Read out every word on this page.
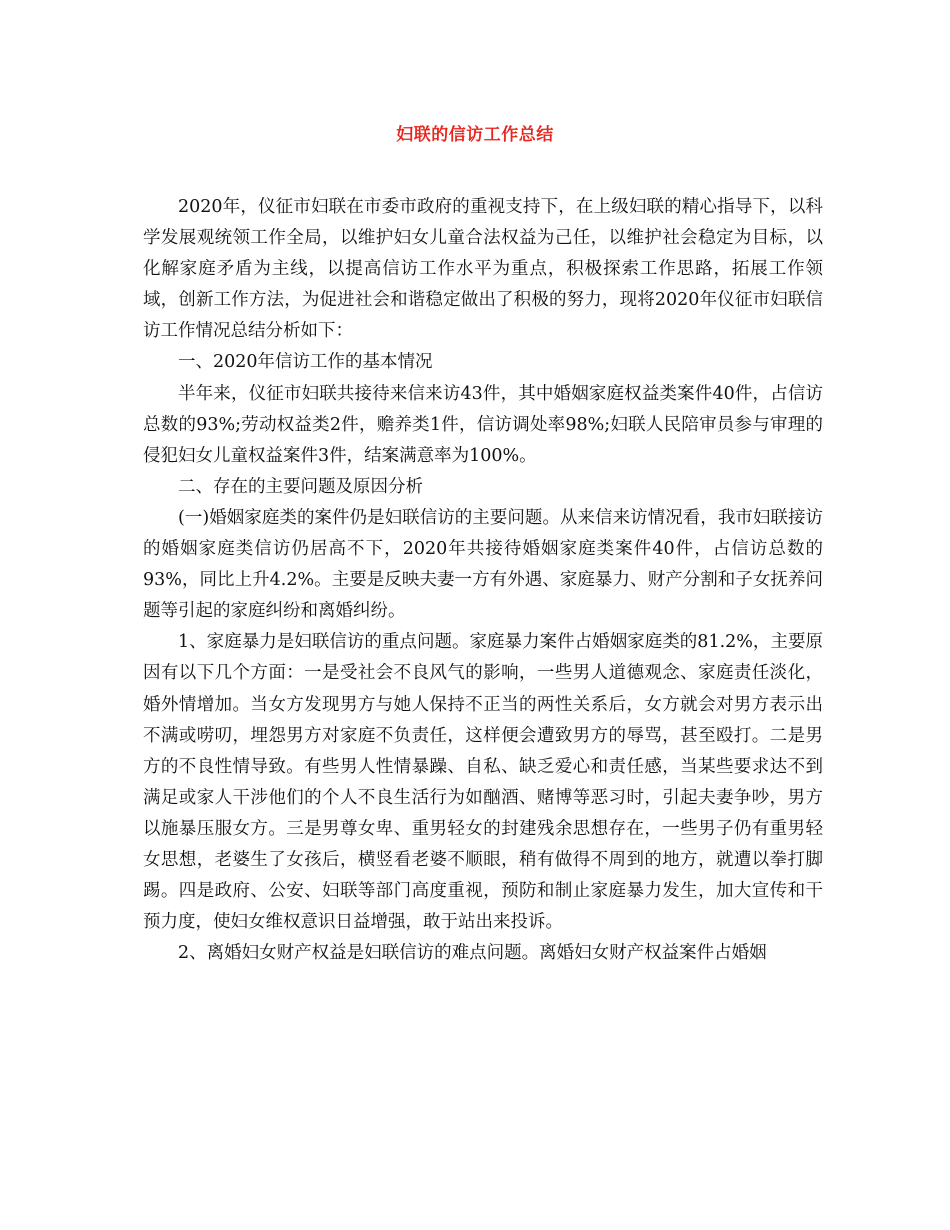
妇联的信访工作总结

2020年，仪征市妇联在市委市政府的重视支持下，在上级妇联的精心指导下，以科学发展观统领工作全局，以维护妇女儿童合法权益为己任，以维护社会稳定为目标，以化解家庭矛盾为主线，以提高信访工作水平为重点，积极探索工作思路，拓展工作领域，创新工作方法，为促进社会和谐稳定做出了积极的努力，现将2020年仪征市妇联信访工作情况总结分析如下：

一、2020年信访工作的基本情况

半年来，仪征市妇联共接待来信来访43件，其中婚姻家庭权益类案件40件，占信访总数的93%;劳动权益类2件，赡养类1件，信访调处率98%;妇联人民陪审员参与审理的侵犯妇女儿童权益案件3件，结案满意率为100%。

二、存在的主要问题及原因分析

(一)婚姻家庭类的案件仍是妇联信访的主要问题。从来信来访情况看，我市妇联接访的婚姻家庭类信访仍居高不下，2020年共接待婚姻家庭类案件40件，占信访总数的93%，同比上升4.2%。主要是反映夫妻一方有外遇、家庭暴力、财产分割和子女抚养问题等引起的家庭纠纷和离婚纠纷。

1、家庭暴力是妇联信访的重点问题。家庭暴力案件占婚姻家庭类的81.2%，主要原因有以下几个方面：一是受社会不良风气的影响，一些男人道德观念、家庭责任淡化，婚外情增加。当女方发现男方与她人保持不正当的两性关系后，女方就会对男方表示出不满或唠叨，埋怨男方对家庭不负责任，这样便会遭致男方的辱骂，甚至殴打。二是男方的不良性情导致。有些男人性情暴躁、自私、缺乏爱心和责任感，当某些要求达不到满足或家人干涉他们的个人不良生活行为如酗酒、赌博等恶习时，引起夫妻争吵，男方以施暴压服女方。三是男尊女卑、重男轻女的封建残余思想存在，一些男子仍有重男轻女思想，老婆生了女孩后，横竖看老婆不顺眼，稍有做得不周到的地方，就遭以拳打脚踢。四是政府、公安、妇联等部门高度重视，预防和制止家庭暴力发生，加大宣传和干预力度，使妇女维权意识日益增强，敢于站出来投诉。

2、离婚妇女财产权益是妇联信访的难点问题。离婚妇女财产权益案件占婚姻
